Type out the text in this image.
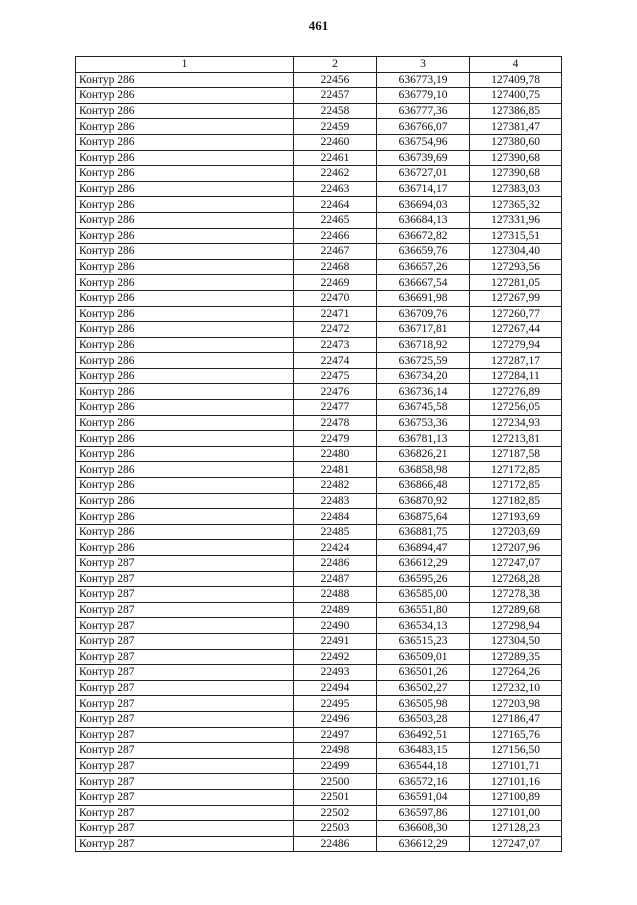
461
1	2	3	4
Контур 286	22456	636773,19	127409,78
Контур 286	22457	636779,10	127400,75
Контур 286	22458	636777,36	127386,85
Контур 286	22459	636766,07	127381,47
Контур 286	22460	636754,96	127380,60
Контур 286	22461	636739,69	127390,68
Контур 286	22462	636727,01	127390,68
Контур 286	22463	636714,17	127383,03
Контур 286	22464	636694,03	127365,32
Контур 286	22465	636684,13	127331,96
Контур 286	22466	636672,82	127315,51
Контур 286	22467	636659,76	127304,40
Контур 286	22468	636657,26	127293,56
Контур 286	22469	636667,54	127281,05
Контур 286	22470	636691,98	127267,99
Контур 286	22471	636709,76	127260,77
Контур 286	22472	636717,81	127267,44
Контур 286	22473	636718,92	127279,94
Контур 286	22474	636725,59	127287,17
Контур 286	22475	636734,20	127284,11
Контур 286	22476	636736,14	127276,89
Контур 286	22477	636745,58	127256,05
Контур 286	22478	636753,36	127234,93
Контур 286	22479	636781,13	127213,81
Контур 286	22480	636826,21	127187,58
Контур 286	22481	636858,98	127172,85
Контур 286	22482	636866,48	127172,85
Контур 286	22483	636870,92	127182,85
Контур 286	22484	636875,64	127193,69
Контур 286	22485	636881,75	127203,69
Контур 286	22424	636894,47	127207,96
Контур 287	22486	636612,29	127247,07
Контур 287	22487	636595,26	127268,28
Контур 287	22488	636585,00	127278,38
Контур 287	22489	636551,80	127289,68
Контур 287	22490	636534,13	127298,94
Контур 287	22491	636515,23	127304,50
Контур 287	22492	636509,01	127289,35
Контур 287	22493	636501,26	127264,26
Контур 287	22494	636502,27	127232,10
Контур 287	22495	636505,98	127203,98
Контур 287	22496	636503,28	127186,47
Контур 287	22497	636492,51	127165,76
Контур 287	22498	636483,15	127156,50
Контур 287	22499	636544,18	127101,71
Контур 287	22500	636572,16	127101,16
Контур 287	22501	636591,04	127100,89
Контур 287	22502	636597,86	127101,00
Контур 287	22503	636608,30	127128,23
Контур 287	22486	636612,29	127247,07
